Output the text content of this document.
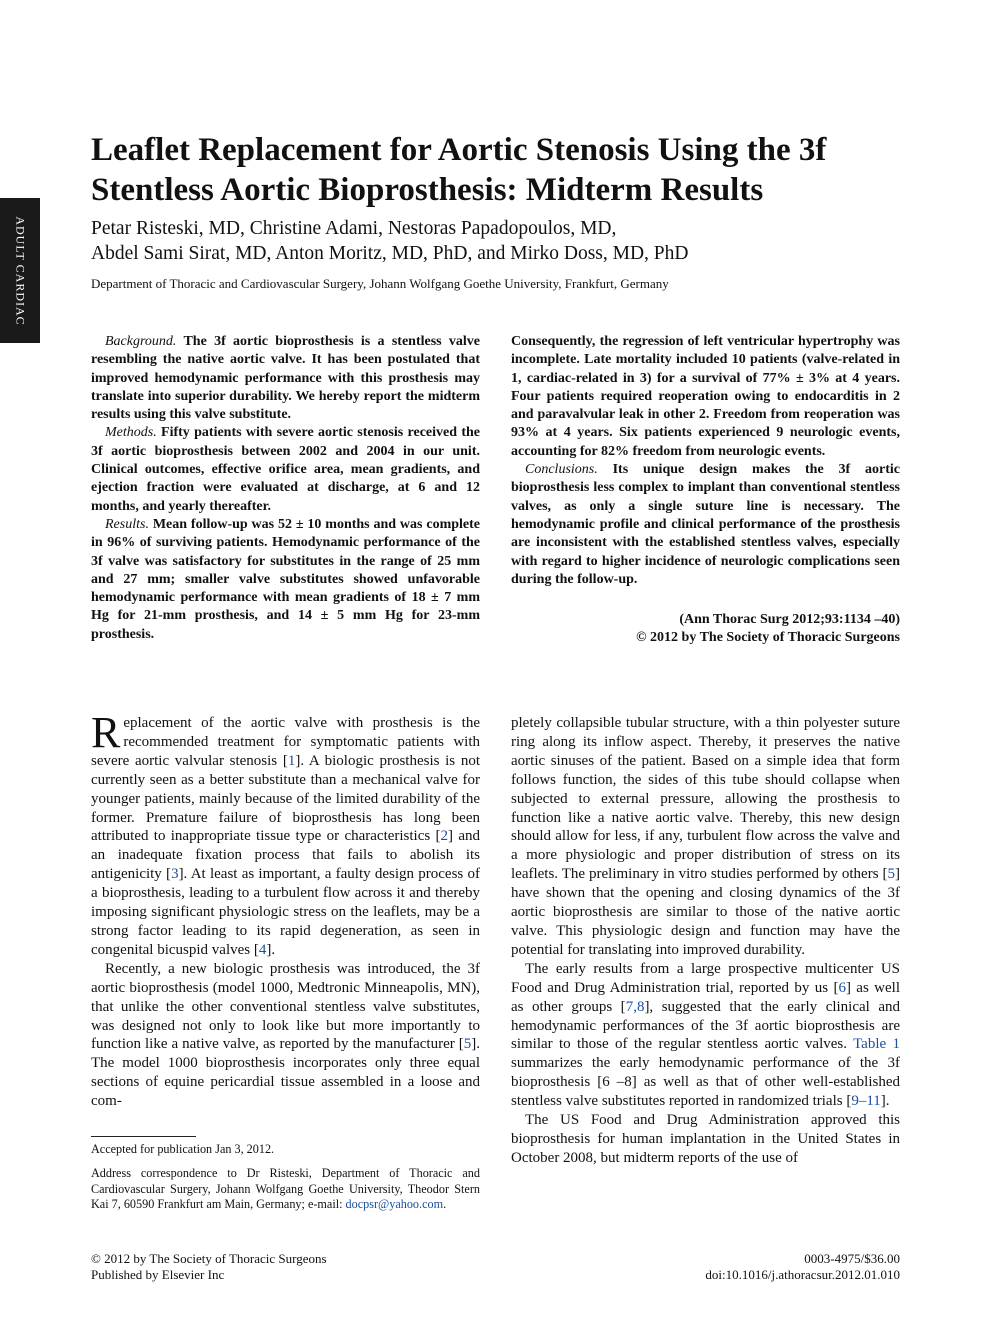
ADULT CARDIAC
Leaflet Replacement for Aortic Stenosis Using the 3f Stentless Aortic Bioprosthesis: Midterm Results
Petar Risteski, MD, Christine Adami, Nestoras Papadopoulos, MD,
Abdel Sami Sirat, MD, Anton Moritz, MD, PhD, and Mirko Doss, MD, PhD

Department of Thoracic and Cardiovascular Surgery, Johann Wolfgang Goethe University, Frankfurt, Germany

Background. The 3f aortic bioprosthesis is a stentless valve resembling the native aortic valve. It has been postulated that improved hemodynamic performance with this prosthesis may translate into superior durability. We hereby report the midterm results using this valve substitute.

Methods. Fifty patients with severe aortic stenosis received the 3f aortic bioprosthesis between 2002 and 2004 in our unit. Clinical outcomes, effective orifice area, mean gradients, and ejection fraction were evaluated at discharge, at 6 and 12 months, and yearly thereafter.

Results. Mean follow-up was 52 ± 10 months and was complete in 96% of surviving patients. Hemodynamic performance of the 3f valve was satisfactory for substitutes in the range of 25 mm and 27 mm; smaller valve substitutes showed unfavorable hemodynamic performance with mean gradients of 18 ± 7 mm Hg for 21-mm prosthesis, and 14 ± 5 mm Hg for 23-mm prosthesis.

Consequently, the regression of left ventricular hypertrophy was incomplete. Late mortality included 10 patients (valve-related in 1, cardiac-related in 3) for a survival of 77% ± 3% at 4 years. Four patients required reoperation owing to endocarditis in 2 and paravalvular leak in other 2. Freedom from reoperation was 93% at 4 years. Six patients experienced 9 neurologic events, accounting for 82% freedom from neurologic events.

Conclusions. Its unique design makes the 3f aortic bioprosthesis less complex to implant than conventional stentless valves, as only a single suture line is necessary. The hemodynamic profile and clinical performance of the prosthesis are inconsistent with the established stentless valves, especially with regard to higher incidence of neurologic complications seen during the follow-up.

(Ann Thorac Surg 2012;93:1134 –40)
© 2012 by The Society of Thoracic Surgeons

Replacement of the aortic valve with prosthesis is the recommended treatment for symptomatic patients with severe aortic valvular stenosis [1]. A biologic prosthesis is not currently seen as a better substitute than a mechanical valve for younger patients, mainly because of the limited durability of the former. Premature failure of bioprosthesis has long been attributed to inappropriate tissue type or characteristics [2] and an inadequate fixation process that fails to abolish its antigenicity [3]. At least as important, a faulty design process of a bioprosthesis, leading to a turbulent flow across it and thereby imposing significant physiologic stress on the leaflets, may be a strong factor leading to its rapid degeneration, as seen in congenital bicuspid valves [4].

Recently, a new biologic prosthesis was introduced, the 3f aortic bioprosthesis (model 1000, Medtronic Minneapolis, MN), that unlike the other conventional stentless valve substitutes, was designed not only to look like but more importantly to function like a native valve, as reported by the manufacturer [5]. The model 1000 bioprosthesis incorporates only three equal sections of equine pericardial tissue assembled in a loose and com-

pletely collapsible tubular structure, with a thin polyester suture ring along its inflow aspect. Thereby, it preserves the native aortic sinuses of the patient. Based on a simple idea that form follows function, the sides of this tube should collapse when subjected to external pressure, allowing the prosthesis to function like a native aortic valve. Thereby, this new design should allow for less, if any, turbulent flow across the valve and a more physiologic and proper distribution of stress on its leaflets. The preliminary in vitro studies performed by others [5] have shown that the opening and closing dynamics of the 3f aortic bioprosthesis are similar to those of the native aortic valve. This physiologic design and function may have the potential for translating into improved durability.

The early results from a large prospective multicenter US Food and Drug Administration trial, reported by us [6] as well as other groups [7,8], suggested that the early clinical and hemodynamic performances of the 3f aortic bioprosthesis are similar to those of the regular stentless aortic valves. Table 1 summarizes the early hemodynamic performance of the 3f bioprosthesis [6 –8] as well as that of other well-established stentless valve substitutes reported in randomized trials [9–11].

The US Food and Drug Administration approved this bioprosthesis for human implantation in the United States in October 2008, but midterm reports of the use of

Accepted for publication Jan 3, 2012.

Address correspondence to Dr Risteski, Department of Thoracic and Cardiovascular Surgery, Johann Wolfgang Goethe University, Theodor Stern Kai 7, 60590 Frankfurt am Main, Germany; e-mail: docpsr@yahoo.com.

© 2012 by The Society of Thoracic Surgeons
Published by Elsevier Inc
0003-4975/$36.00
doi:10.1016/j.athoracsur.2012.01.010
